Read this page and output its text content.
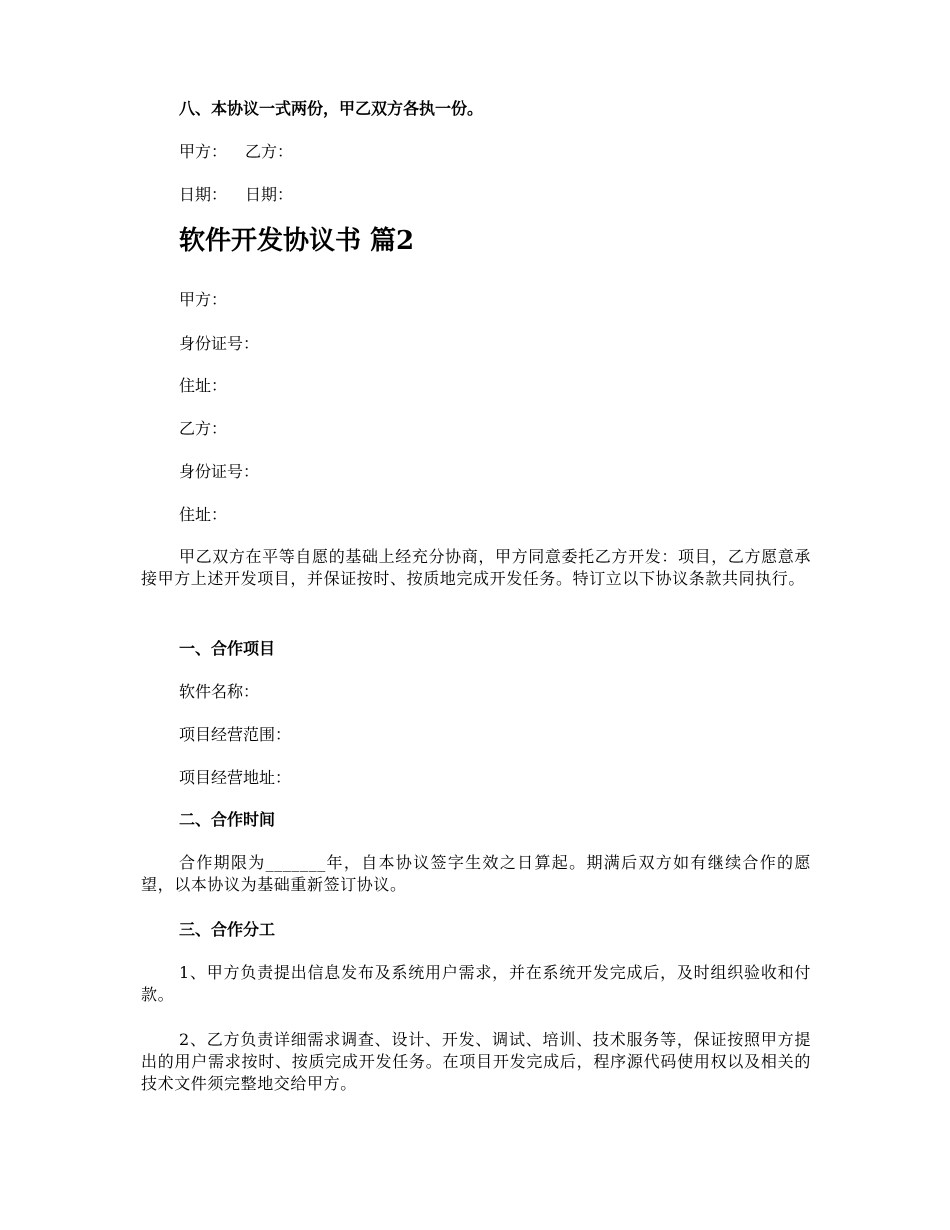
八、本协议一式两份，甲乙双方各执一份。
甲方： 乙方：
日期： 日期：
软件开发协议书 篇2
甲方：
身份证号：
住址：
乙方：
身份证号：
住址：
甲乙双方在平等自愿的基础上经充分协商，甲方同意委托乙方开发：项目，乙方愿意承接甲方上述开发项目，并保证按时、按质地完成开发任务。特订立以下协议条款共同执行。
一、合作项目
软件名称：
项目经营范围：
项目经营地址：
二、合作时间
合作期限为_______年，自本协议签字生效之日算起。期满后双方如有继续合作的愿望，以本协议为基础重新签订协议。
三、合作分工
1、甲方负责提出信息发布及系统用户需求，并在系统开发完成后，及时组织验收和付款。
2、乙方负责详细需求调查、设计、开发、调试、培训、技术服务等，保证按照甲方提出的用户需求按时、按质完成开发任务。在项目开发完成后，程序源代码使用权以及相关的技术文件须完整地交给甲方。
